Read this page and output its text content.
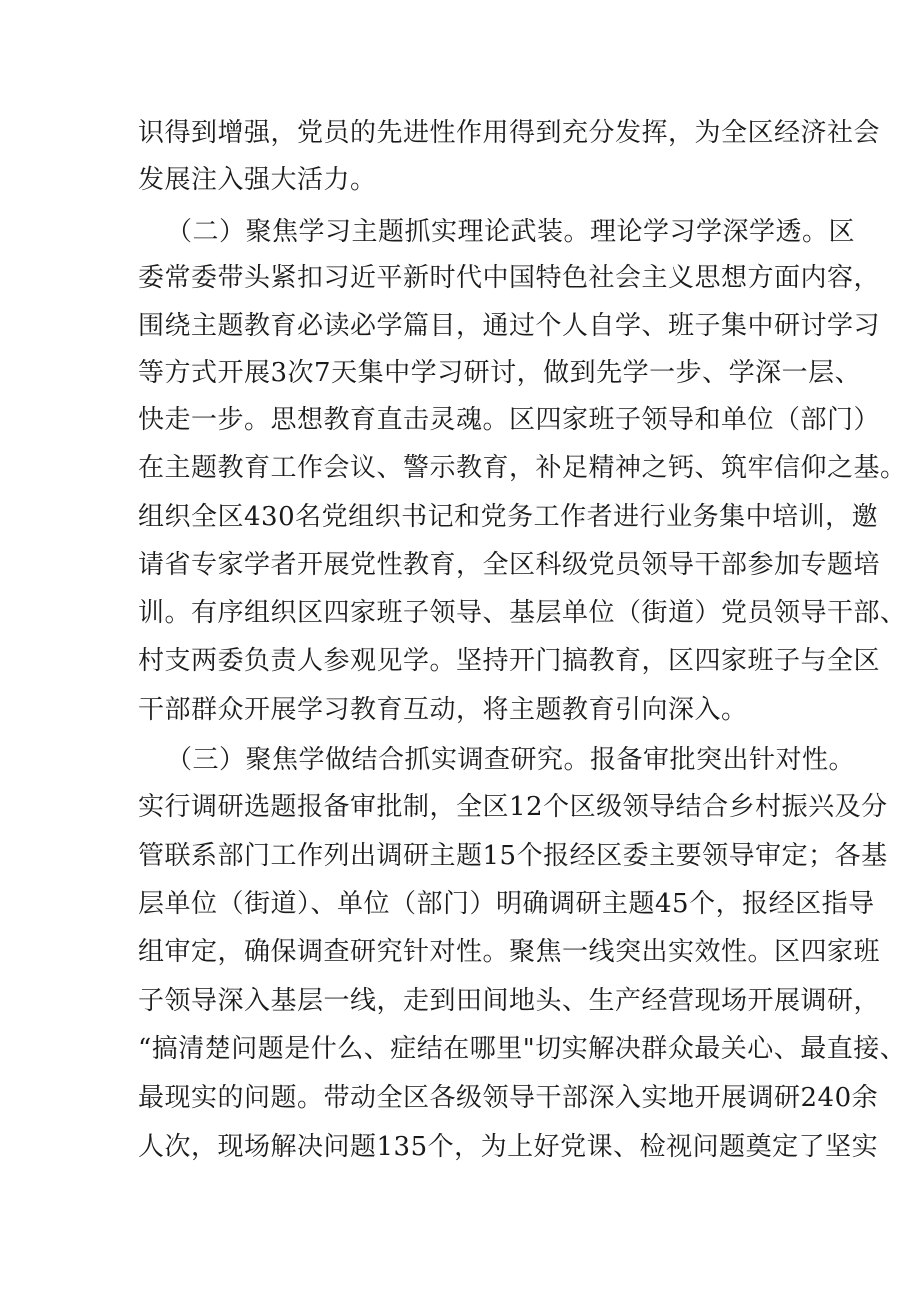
识得到增强，党员的先进性作用得到充分发挥，为全区经济社会
发展注入强大活力。
（二）聚焦学习主题抓实理论武装。理论学习学深学透。区
委常委带头紧扣习近平新时代中国特色社会主义思想方面内容，
围绕主题教育必读必学篇目，通过个人自学、班子集中研讨学习
等方式开展3次7天集中学习研讨，做到先学一步、学深一层、
快走一步。思想教育直击灵魂。区四家班子领导和单位（部门）
在主题教育工作会议、警示教育，补足精神之钙、筑牢信仰之基。
组织全区430名党组织书记和党务工作者进行业务集中培训，邀
请省专家学者开展党性教育，全区科级党员领导干部参加专题培
训。有序组织区四家班子领导、基层单位（街道）党员领导干部、
村支两委负责人参观见学。坚持开门搞教育，区四家班子与全区
干部群众开展学习教育互动，将主题教育引向深入。
（三）聚焦学做结合抓实调查研究。报备审批突出针对性。
实行调研选题报备审批制，全区12个区级领导结合乡村振兴及分
管联系部门工作列出调研主题15个报经区委主要领导审定；各基
层单位（街道）、单位（部门）明确调研主题45个，报经区指导
组审定，确保调查研究针对性。聚焦一线突出实效性。区四家班
子领导深入基层一线，走到田间地头、生产经营现场开展调研，
“搞清楚问题是什么、症结在哪里"切实解决群众最关心、最直接、
最现实的问题。带动全区各级领导干部深入实地开展调研240余
人次，现场解决问题135个，为上好党课、检视问题奠定了坚实
